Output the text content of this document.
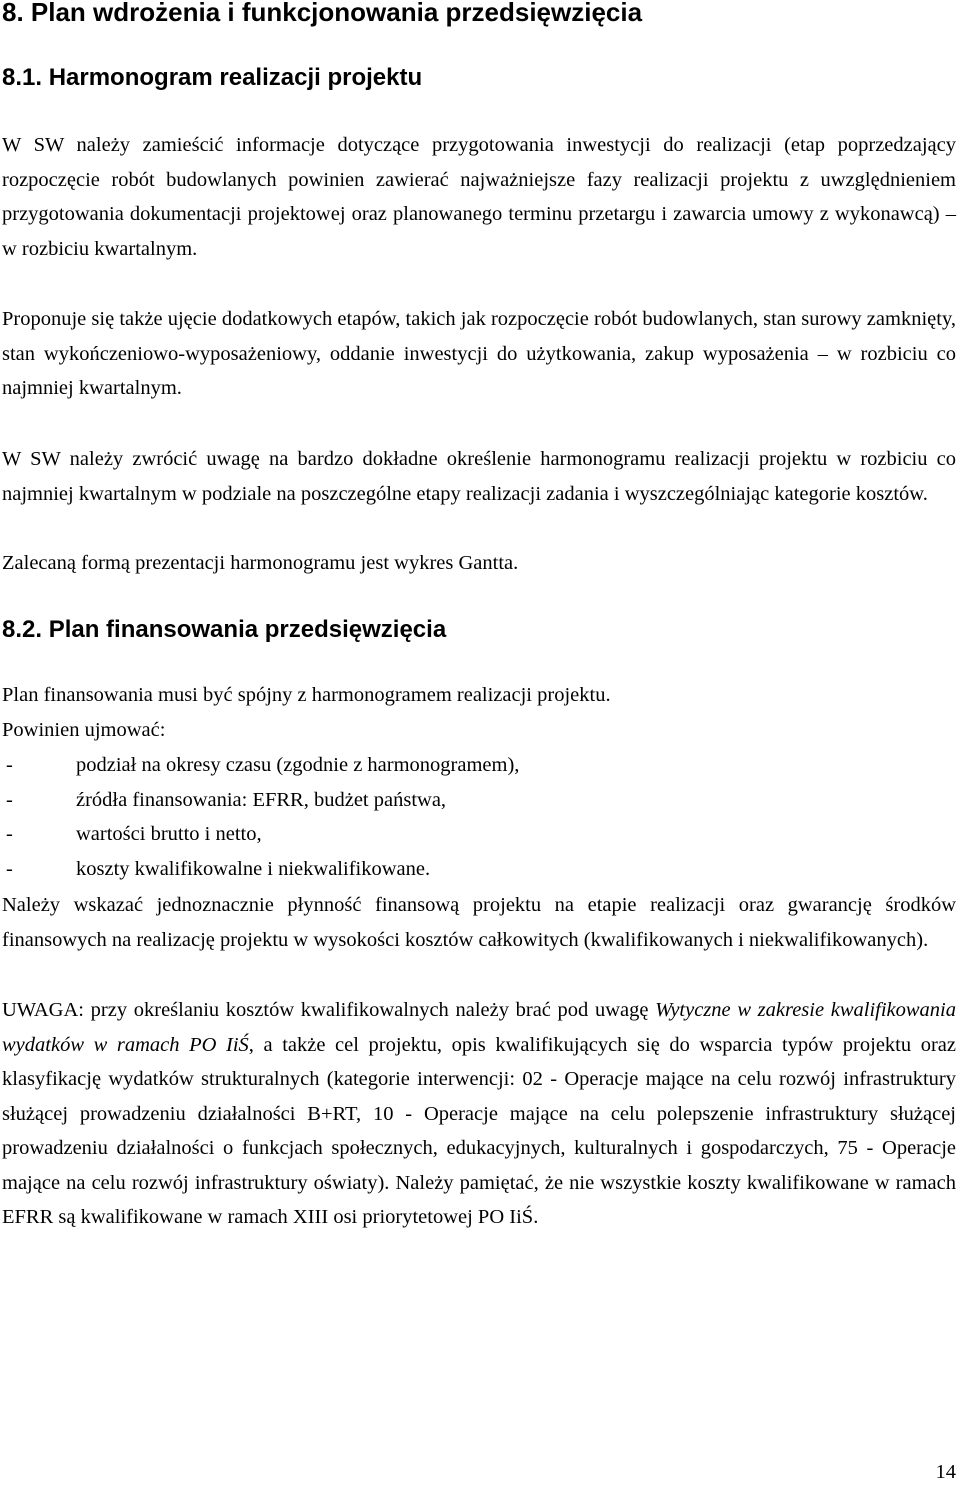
8. Plan wdrożenia i funkcjonowania przedsięwzięcia
8.1. Harmonogram realizacji projektu

W SW należy zamieścić informacje dotyczące przygotowania inwestycji do realizacji (etap poprzedzający rozpoczęcie robót budowlanych powinien zawierać najważniejsze fazy realizacji projektu z uwzględnieniem przygotowania dokumentacji projektowej oraz planowanego terminu przetargu i zawarcia umowy z wykonawcą) – w rozbiciu kwartalnym.

Proponuje się także ujęcie dodatkowych etapów, takich jak rozpoczęcie robót budowlanych, stan surowy zamknięty, stan wykończeniowo-wyposażeniowy, oddanie inwestycji do użytkowania, zakup wyposażenia – w rozbiciu co najmniej kwartalnym.

W SW należy zwrócić uwagę na bardzo dokładne określenie harmonogramu realizacji projektu w rozbiciu co najmniej kwartalnym w podziale na poszczególne etapy realizacji zadania i wyszczególniając kategorie kosztów.

Zalecaną formą prezentacji harmonogramu jest wykres Gantta.

8.2. Plan finansowania przedsięwzięcia

Plan finansowania musi być spójny z harmonogramem realizacji projektu.

Powinien ujmować:

-	podział na okresy czasu (zgodnie z harmonogramem),
-	źródła finansowania: EFRR, budżet państwa,
-	wartości brutto i netto,
-	koszty kwalifikowalne i niekwalifikowane.

Należy wskazać jednoznacznie płynność finansową projektu na etapie realizacji oraz gwarancję środków finansowych na realizację projektu w wysokości kosztów całkowitych (kwalifikowanych i niekwalifikowanych).

UWAGA: przy określaniu kosztów kwalifikowalnych należy brać pod uwagę Wytyczne w zakresie kwalifikowania wydatków w ramach PO IiŚ, a także cel projektu, opis kwalifikujących się do wsparcia typów projektu oraz klasyfikację wydatków strukturalnych (kategorie interwencji: 02 - Operacje mające na celu rozwój infrastruktury służącej prowadzeniu działalności B+RT, 10 - Operacje mające na celu polepszenie infrastruktury służącej prowadzeniu działalności o funkcjach społecznych, edukacyjnych, kulturalnych i gospodarczych, 75 - Operacje mające na celu rozwój infrastruktury oświaty). Należy pamiętać, że nie wszystkie koszty kwalifikowane w ramach EFRR są kwalifikowane w ramach XIII osi priorytetowej PO IiŚ.

14
